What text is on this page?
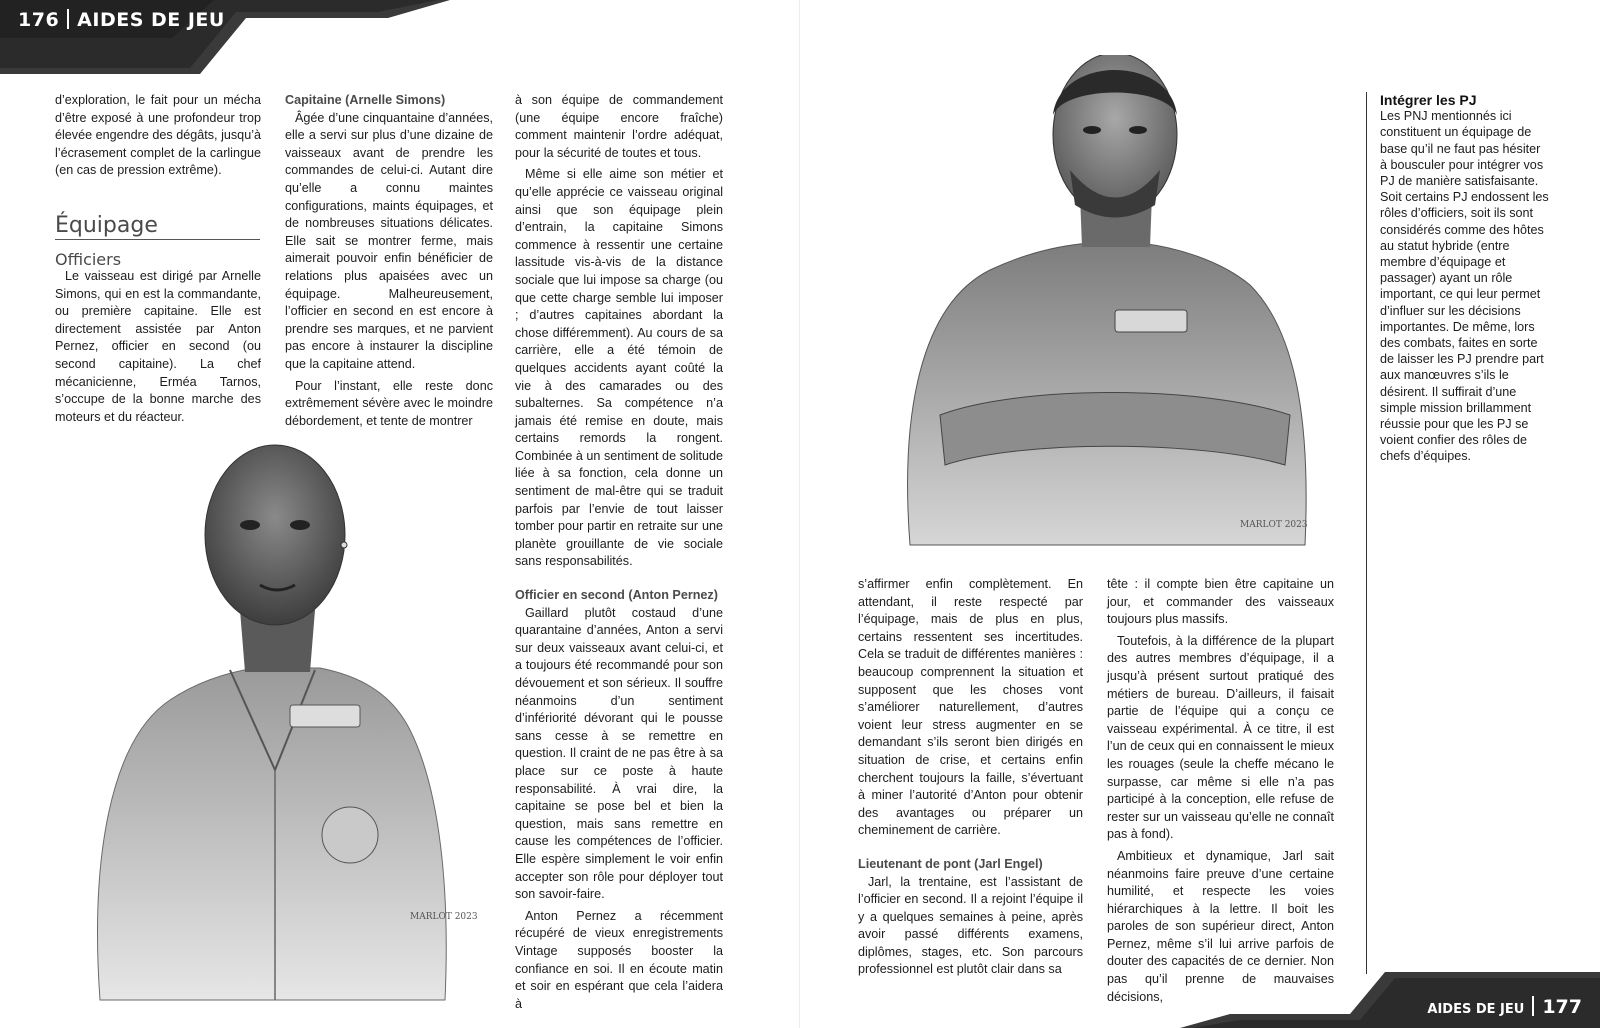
176 AIDES DE JEU

d’exploration, le fait pour un mécha d’être exposé à une profondeur trop élevée engendre des dégâts, jusqu’à l’écrasement complet de la carlingue (en cas de pression extrême).

Équipage
Officiers

Le vaisseau est dirigé par Arnelle Simons, qui en est la commandante, ou première capitaine. Elle est directement assistée par Anton Pernez, officier en second (ou second capitaine). La chef mécanicienne, Erméa Tarnos, s’occupe de la bonne marche des moteurs et du réacteur.

Capitaine (Arnelle Simons)

Âgée d’une cinquantaine d’années, elle a servi sur plus d’une dizaine de vaisseaux avant de prendre les commandes de celui-ci. Autant dire qu’elle a connu maintes configurations, maints équipages, et de nombreuses situations délicates. Elle sait se montrer ferme, mais aimerait pouvoir enfin bénéficier de relations plus apaisées avec un équipage. Malheureusement, l’officier en second en est encore à prendre ses marques, et ne parvient pas encore à instaurer la discipline que la capitaine attend.

Pour l’instant, elle reste donc extrêmement sévère avec le moindre débordement, et tente de montrer

à son équipe de commandement (une équipe encore fraîche) comment maintenir l’ordre adéquat, pour la sécurité de toutes et tous.

Même si elle aime son métier et qu’elle apprécie ce vaisseau original ainsi que son équipage plein d’entrain, la capitaine Simons commence à ressentir une certaine lassitude vis-à-vis de la distance sociale que lui impose sa charge (ou que cette charge semble lui imposer ; d’autres capitaines abordant la chose différemment). Au cours de sa carrière, elle a été témoin de quelques accidents ayant coûté la vie à des camarades ou des subalternes. Sa compétence n’a jamais été remise en doute, mais certains remords la rongent. Combinée à un sentiment de solitude liée à sa fonction, cela donne un sentiment de mal-être qui se traduit parfois par l’envie de tout laisser tomber pour partir en retraite sur une planète grouillante de vie sociale sans responsabilités.

Officier en second (Anton Pernez)

Gaillard plutôt costaud d’une quarantaine d’années, Anton a servi sur deux vaisseaux avant celui-ci, et a toujours été recommandé pour son dévouement et son sérieux. Il souffre néanmoins d’un sentiment d’infériorité dévorant qui le pousse sans cesse à se remettre en question. Il craint de ne pas être à sa place sur ce poste à haute responsabilité. À vrai dire, la capitaine se pose bel et bien la question, mais sans remettre en cause les compétences de l’officier. Elle espère simplement le voir enfin accepter son rôle pour déployer tout son savoir-faire.

Anton Pernez a récemment récupéré de vieux enregistrements Vintage supposés booster la confiance en soi. Il en écoute matin et soir en espérant que cela l’aidera à

MARLOT 2023
MARLOT 2023

s’affirmer enfin complètement. En attendant, il reste respecté par l’équipage, mais de plus en plus, certains ressentent ses incertitudes. Cela se traduit de différentes manières : beaucoup comprennent la situation et supposent que les choses vont s’améliorer naturellement, d’autres voient leur stress augmenter en se demandant s’ils seront bien dirigés en situation de crise, et certains enfin cherchent toujours la faille, s’évertuant à miner l’autorité d’Anton pour obtenir des avantages ou préparer un cheminement de carrière.

Lieutenant de pont (Jarl Engel)

Jarl, la trentaine, est l’assistant de l’officier en second. Il a rejoint l’équipe il y a quelques semaines à peine, après avoir passé différents examens, diplômes, stages, etc. Son parcours professionnel est plutôt clair dans sa

tête : il compte bien être capitaine un jour, et commander des vaisseaux toujours plus massifs.

Toutefois, à la différence de la plupart des autres membres d’équipage, il a jusqu’à présent surtout pratiqué des métiers de bureau. D’ailleurs, il faisait partie de l’équipe qui a conçu ce vaisseau expérimental. À ce titre, il est l’un de ceux qui en connaissent le mieux les rouages (seule la cheffe mécano le surpasse, car même si elle n’a pas participé à la conception, elle refuse de rester sur un vaisseau qu’elle ne connaît pas à fond).

Ambitieux et dynamique, Jarl sait néanmoins faire preuve d’une certaine humilité, et respecte les voies hiérarchiques à la lettre. Il boit les paroles de son supérieur direct, Anton Pernez, même s’il lui arrive parfois de douter des capacités de ce dernier. Non pas qu’il prenne de mauvaises décisions,

Intégrer les PJ

Les PNJ mentionnés ici constituent un équipage de base qu’il ne faut pas hésiter à bousculer pour intégrer vos PJ de manière satisfaisante. Soit certains PJ endossent les rôles d’officiers, soit ils sont considérés comme des hôtes au statut hybride (entre membre d’équipage et passager) ayant un rôle important, ce qui leur permet d’influer sur les décisions importantes. De même, lors des combats, faites en sorte de laisser les PJ prendre part aux manœuvres s’ils le désirent. Il suffirait d’une simple mission brillamment réussie pour que les PJ se voient confier des rôles de chefs d’équipes.

AIDES DE JEU 177
